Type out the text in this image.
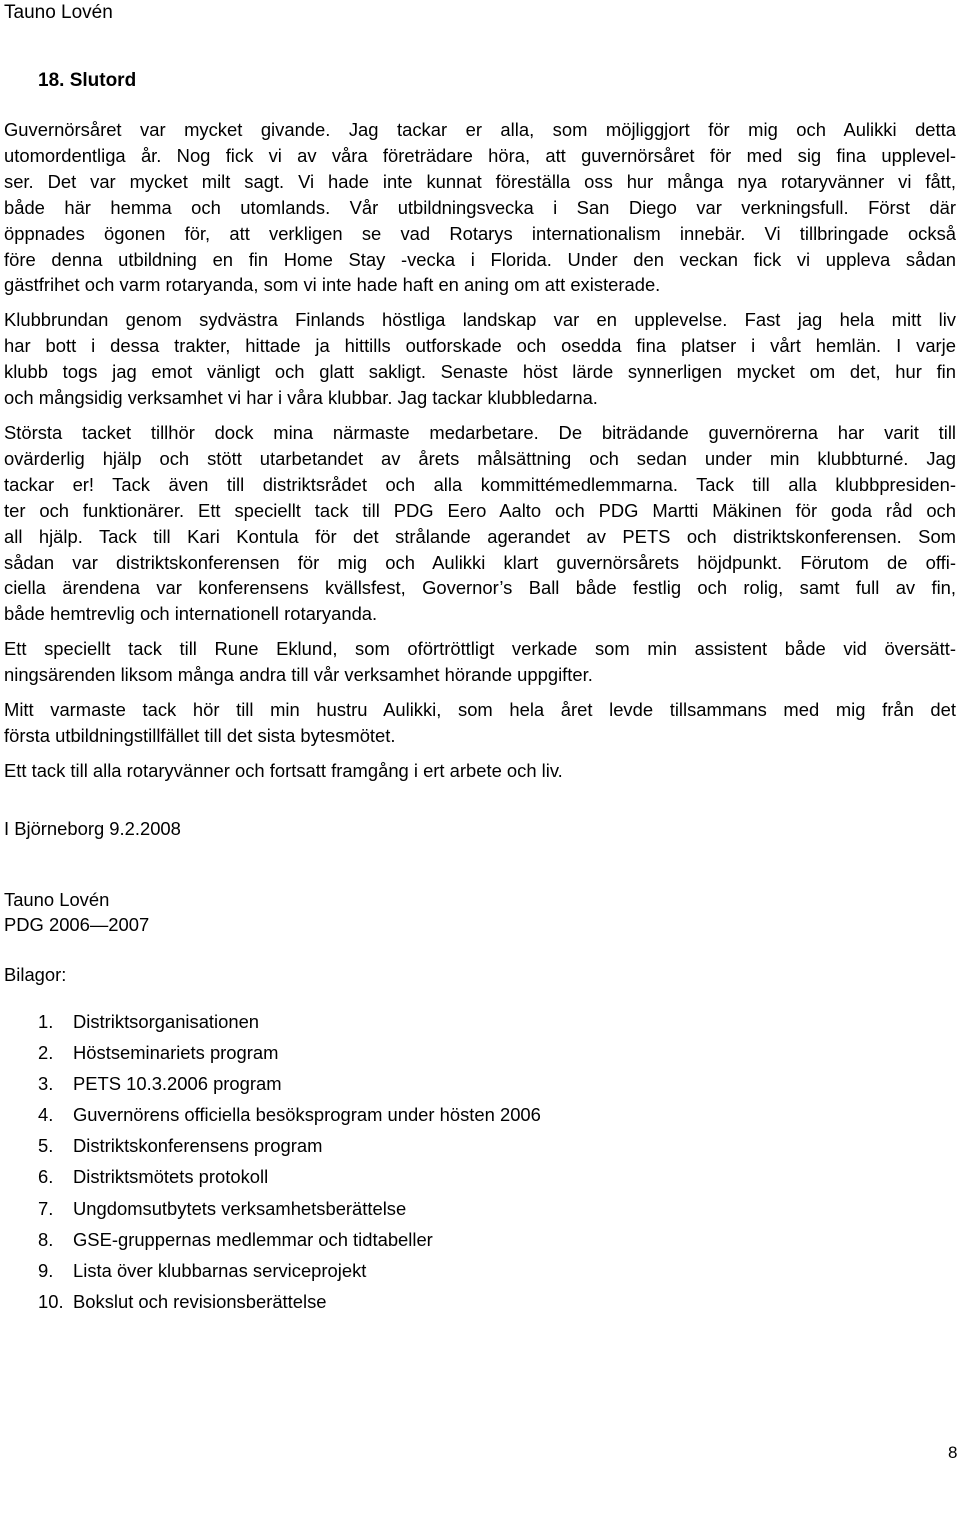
Tauno Lovén
18. Slutord

Guvernörsåret var mycket givande. Jag tackar er alla, som möjliggjort för mig och Aulikki detta
utomordentliga år. Nog fick vi av våra företrädare höra, att guvernörsåret för med sig fina upplevel-
ser. Det var mycket milt sagt. Vi hade inte kunnat föreställa oss hur många nya rotaryvänner vi fått,
både här hemma och utomlands. Vår utbildningsvecka i San Diego var verkningsfull. Först där
öppnades ögonen för, att verkligen se vad Rotarys internationalism innebär. Vi tillbringade också
före denna utbildning en fin Home Stay -vecka i Florida. Under den veckan fick vi uppleva sådan
gästfrihet och varm rotaryanda, som vi inte hade haft en aning om att existerade.

Klubbrundan genom sydvästra Finlands höstliga landskap var en upplevelse. Fast jag hela mitt liv
har bott i dessa trakter, hittade ja hittills outforskade och osedda fina platser i vårt hemlän. I varje
klubb togs jag emot vänligt och glatt sakligt. Senaste höst lärde synnerligen mycket om det, hur fin
och mångsidig verksamhet vi har i våra klubbar. Jag tackar klubbledarna.

Största tacket tillhör dock mina närmaste medarbetare. De biträdande guvernörerna har varit till
ovärderlig hjälp och stött utarbetandet av årets målsättning och sedan under min klubbturné. Jag
tackar er! Tack även till distriktsrådet och alla kommittémedlemmarna. Tack till alla klubbpresiden-
ter och funktionärer. Ett speciellt tack till PDG Eero Aalto och PDG Martti Mäkinen för goda råd och
all hjälp. Tack till Kari Kontula för det strålande agerandet av PETS och distriktskonferensen. Som
sådan var distriktskonferensen för mig och Aulikki klart guvernörsårets höjdpunkt. Förutom de offi-
ciella ärendena var konferensens kvällsfest, Governor’s Ball både festlig och rolig, samt full av fin,
både hemtrevlig och internationell rotaryanda.

Ett speciellt tack till Rune Eklund, som oförtröttligt verkade som min assistent både vid översätt-
ningsärenden liksom många andra till vår verksamhet hörande uppgifter.

Mitt varmaste tack hör till min hustru Aulikki, som hela året levde tillsammans med mig från det
första utbildningstillfället till det sista bytesmötet.

Ett tack till alla rotaryvänner och fortsatt framgång i ert arbete och liv.

I Björneborg 9.2.2008
Tauno Lovén
PDG 2006—2007
Bilagor:
1.	Distriktsorganisationen
2.	Höstseminariets program
3.	PETS 10.3.2006 program
4.	Guvernörens officiella besöksprogram under hösten 2006
5.	Distriktskonferensens program
6.	Distriktsmötets protokoll
7.	Ungdomsutbytets verksamhetsberättelse
8.	GSE-gruppernas medlemmar och tidtabeller
9.	Lista över klubbarnas serviceprojekt
10. Bokslut och revisionsberättelse
8
